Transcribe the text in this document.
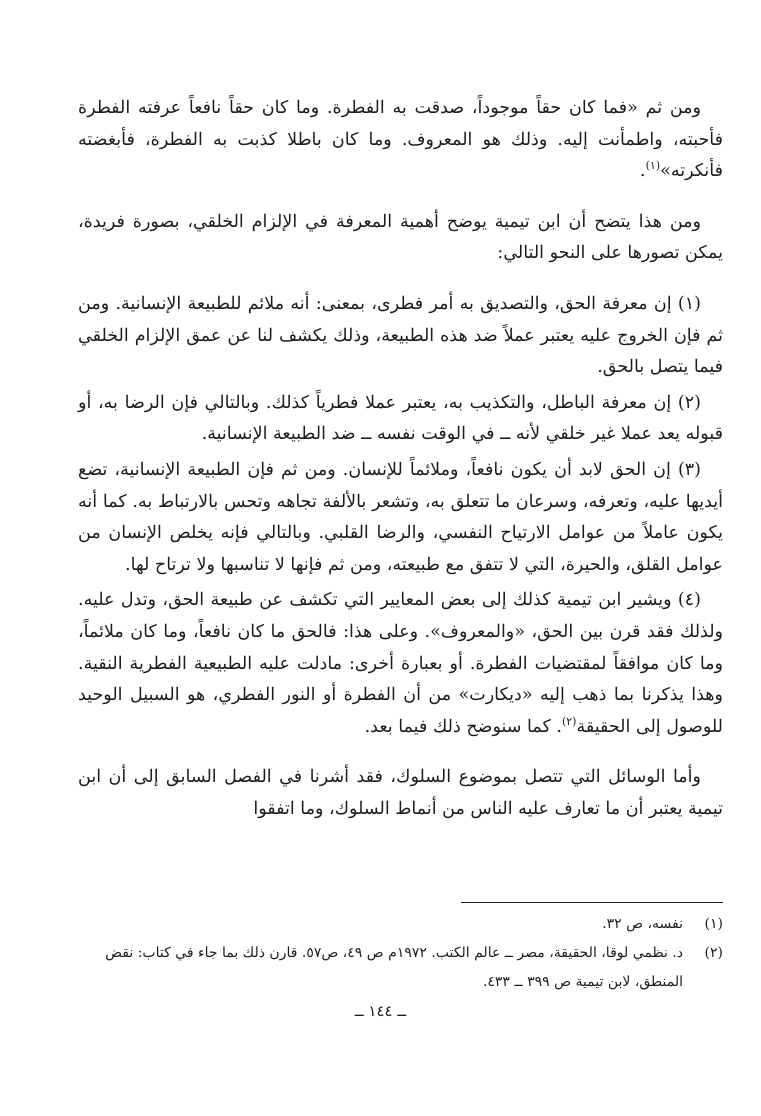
ومن ثم «فما كان حقاً موجوداً، صدقت به الفطرة. وما كان حقاً نافعاً عرفته الفطرة فأحبته، واطمأنت إليه. وذلك هو المعروف. وما كان باطلا كذبت به الفطرة، فأبغضته فأنكرته»$^{(١)}$.

ومن هذا يتضح أن ابن تيمية يوضح أهمية المعرفة في الإلزام الخلقي، بصورة فريدة، يمكن تصورها على النحو التالي:

(١) إن معرفة الحق، والتصديق به أمر فطرى، بمعنى: أنه ملائم للطبيعة الإنسانية. ومن ثم فإن الخروج عليه يعتبر عملاً ضد هذه الطبيعة، وذلك يكشف لنا عن عمق الإلزام الخلقي فيما يتصل بالحق.

(٢) إن معرفة الباطل، والتكذيب به، يعتبر عملا فطرياً كذلك. وبالتالي فإن الرضا به، أو قبوله يعد عملا غير خلقي لأنه ــ في الوقت نفسه ــ ضد الطبيعة الإنسانية.

(٣) إن الحق لابد أن يكون نافعاً، وملائماً للإنسان. ومن ثم فإن الطبيعة الإنسانية، تضع أيديها عليه، وتعرفه، وسرعان ما تتعلق به، وتشعر بالألفة تجاهه وتحس بالارتباط به. كما أنه يكون عاملاً من عوامل الارتياح النفسي، والرضا القلبي. وبالتالي فإنه يخلص الإنسان من عوامل القلق، والحيرة، التي لا تتفق مع طبيعته، ومن ثم فإنها لا تناسبها ولا ترتاح لها.

(٤) ويشير ابن تيمية كذلك إلى بعض المعايير التي تكشف عن طبيعة الحق، وتدل عليه. ولذلك فقد قرن بين الحق، «والمعروف». وعلى هذا: فالحق ما كان نافعاً، وما كان ملائماً، وما كان موافقاً لمقتضيات الفطرة. أو بعبارة أخرى: مادلت عليه الطبيعية الفطرية النقية. وهذا يذكرنا بما ذهب إليه «ديكارت» من أن الفطرة أو النور الفطري، هو السبيل الوحيد للوصول إلى الحقيقة$^{(٢)}$. كما سنوضح ذلك فيما بعد.

وأما الوسائل التي تتصل بموضوع السلوك، فقد أشرنا في الفصل السابق إلى أن ابن تيمية يعتبر أن ما تعارف عليه الناس من أنماط السلوك، وما اتفقوا

(١)
نفسه، ص ٣٢.
(٢)
د. نظمي لوقا، الحقيقة، مصر ــ عالم الكتب. ١٩٧٢م ص ٤٩، ص٥٧. قارن ذلك بما جاء في كتاب: نقض المنطق، لابن تيمية ص ٣٩٩ ــ ٤٣٣.
ــ ١٤٤ ــ
